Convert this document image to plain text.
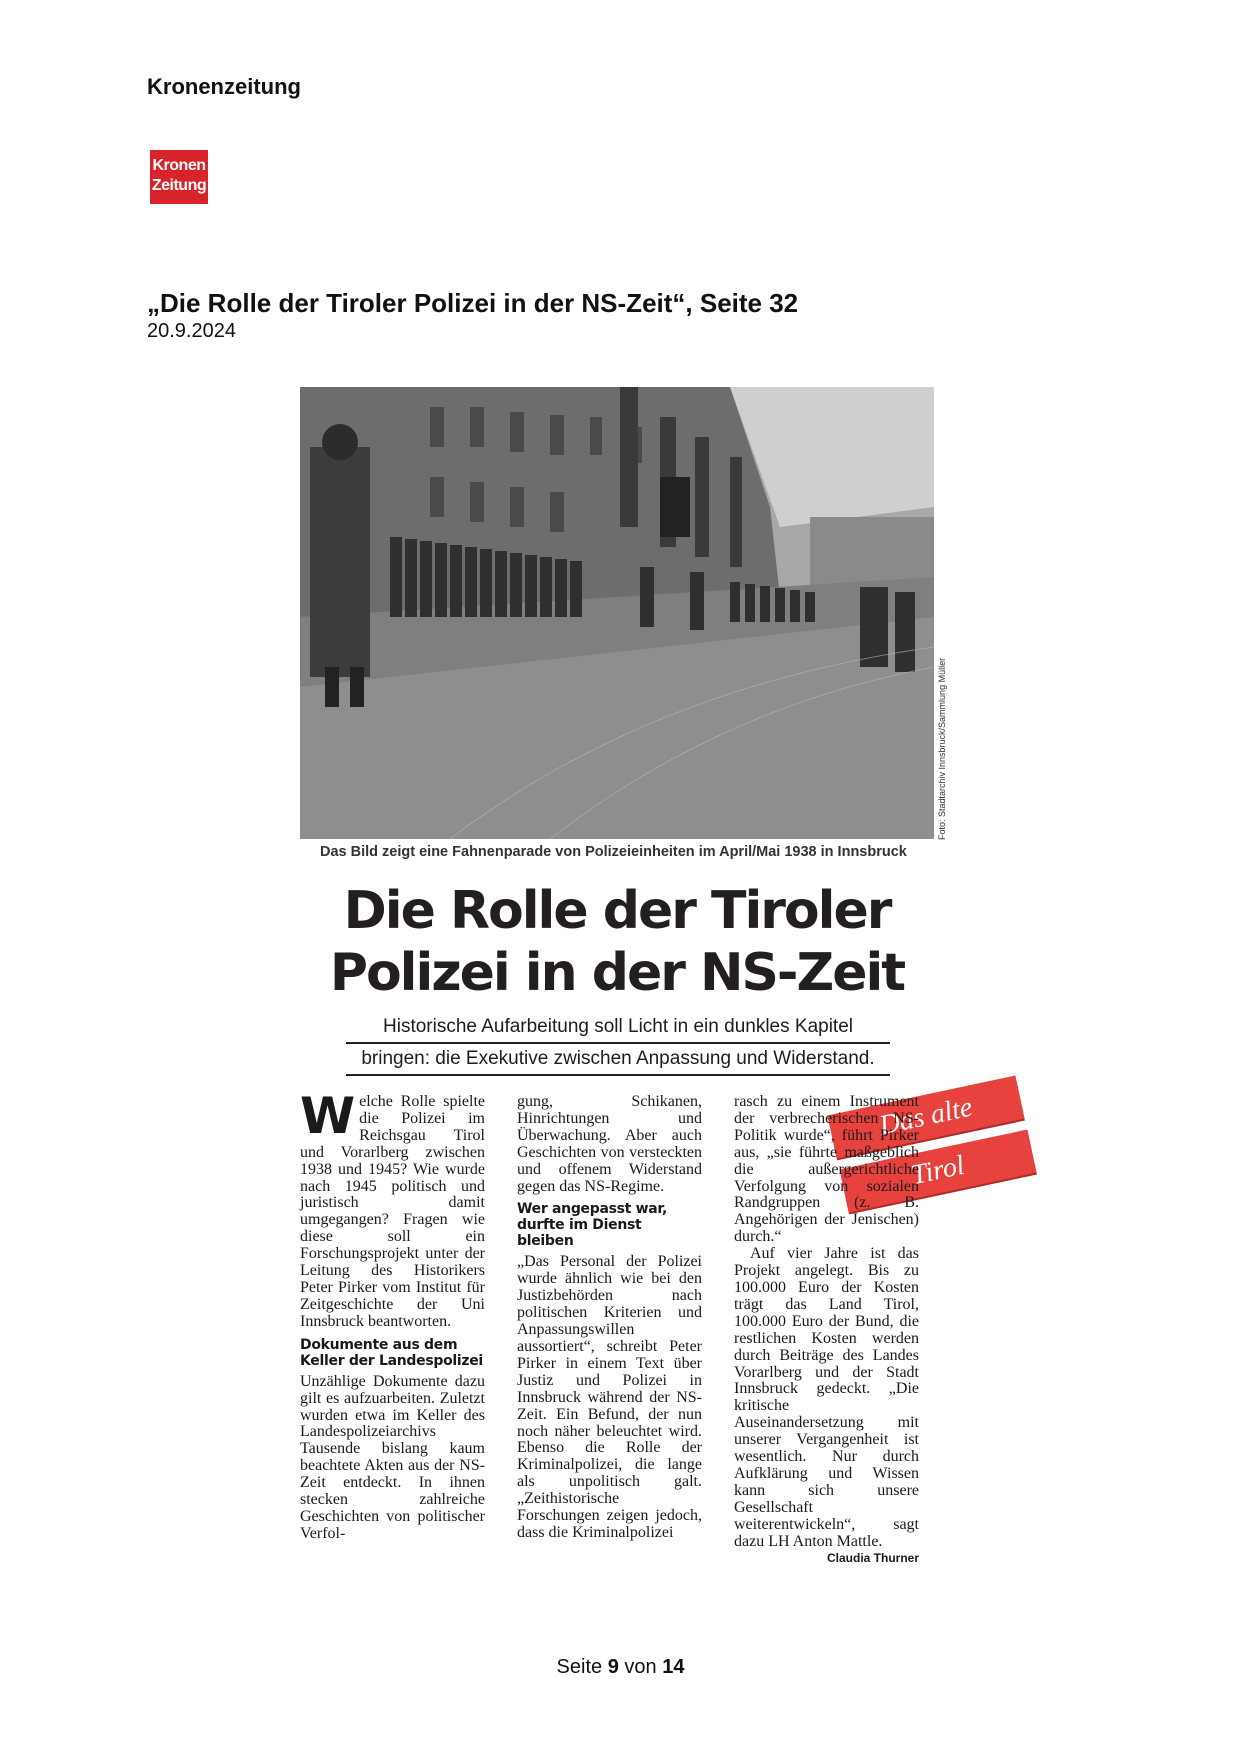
Kronenzeitung
Kronen
Zeitung
„Die Rolle der Tiroler Polizei in der NS-Zeit“, Seite 32
20.9.2024
Das alte
Tirol
Foto: Stadtarchiv Innsbruck/Sammlung Müller
Das Bild zeigt eine Fahnenparade von Polizeieinheiten im April/Mai 1938 in Innsbruck
Die Rolle der Tiroler
Polizei in der NS-Zeit
Historische Aufarbeitung soll Licht in ein dunkles Kapitel
bringen: die Exekutive zwischen Anpassung und Widerstand.

Welche Rolle spielte die Polizei im Reichsgau Tirol und Vorarlberg zwischen 1938 und 1945? Wie wurde nach 1945 politisch und juristisch damit umgegangen? Fragen wie diese soll ein Forschungsprojekt unter der Leitung des Historikers Peter Pirker vom Institut für Zeitgeschichte der Uni Innsbruck beantworten.

Dokumente aus dem Keller der Landespolizei

Unzählige Dokumente dazu gilt es aufzuarbeiten. Zuletzt wurden etwa im Keller des Landespolizeiarchivs Tausende bislang kaum beachtete Akten aus der NS-Zeit entdeckt. In ihnen stecken zahlreiche Geschichten von politischer Verfol-

gung, Schikanen, Hinrichtungen und Überwachung. Aber auch Geschichten von versteckten und offenem Widerstand gegen das NS-Regime.

Wer angepasst war, durfte im Dienst bleiben

„Das Personal der Polizei wurde ähnlich wie bei den Justizbehörden nach politischen Kriterien und Anpassungswillen aussortiert“, schreibt Peter Pirker in einem Text über Justiz und Polizei in Innsbruck während der NS-Zeit. Ein Befund, der nun noch näher beleuchtet wird. Ebenso die Rolle der Kriminalpolizei, die lange als unpolitisch galt. „Zeithistorische Forschungen zeigen jedoch, dass die Kriminalpolizei

rasch zu einem Instrument der verbrecherischen NS-Politik wurde“, führt Pirker aus, „sie führte maßgeblich die außergerichtliche Verfolgung von sozialen Randgruppen (z. B. Angehörigen der Jenischen) durch.“

Auf vier Jahre ist das Projekt angelegt. Bis zu 100.000 Euro der Kosten trägt das Land Tirol, 100.000 Euro der Bund, die restlichen Kosten werden durch Beiträge des Landes Vorarlberg und der Stadt Innsbruck gedeckt. „Die kritische Auseinandersetzung mit unserer Vergangenheit ist wesentlich. Nur durch Aufklärung und Wissen kann sich unsere Gesellschaft weiterentwickeln“, sagt dazu LH Anton Mattle.
Claudia Thurner

Seite 9 von 14
